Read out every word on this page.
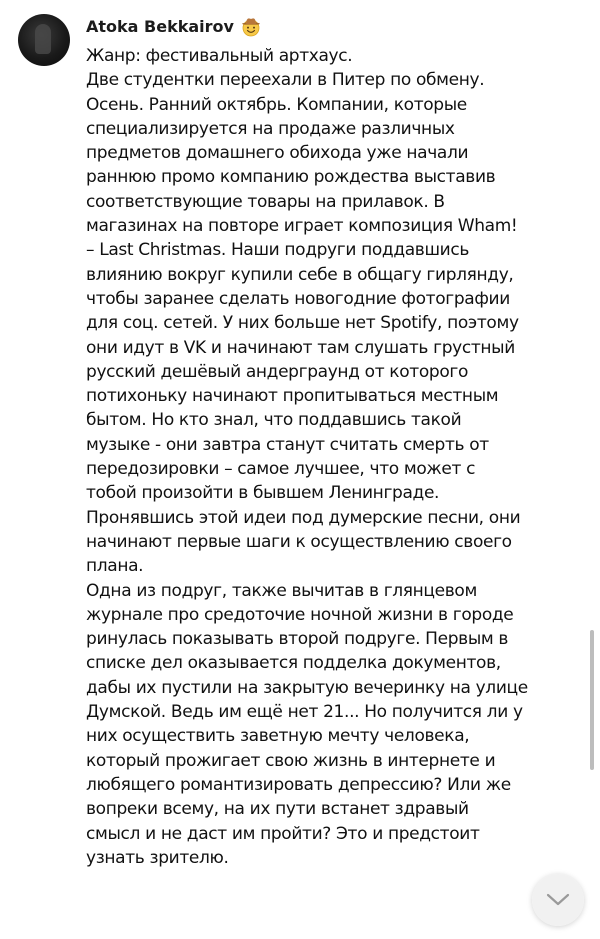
Atoka Bekkairov
Жанр: фестивальный артхаус.
Две студентки переехали в Питер по обмену.
Осень. Ранний октябрь. Компании, которые
специализируется на продаже различных
предметов домашнего обихода уже начали
раннюю промо компанию рождества выставив
соответствующие товары на прилавок. В
магазинах на повторе играет композиция Wham!
– Last Christmas. Наши подруги поддавшись
влиянию вокруг купили себе в общагу гирлянду,
чтобы заранее сделать новогодние фотографии
для соц. сетей. У них больше нет Spotify, поэтому
они идут в VK и начинают там слушать грустный
русский дешёвый андерграунд от которого
потихоньку начинают пропитываться местным
бытом. Но кто знал, что поддавшись такой
музыке - они завтра станут считать смерть от
передозировки – самое лучшее, что может с
тобой произойти в бывшем Ленинграде.
Пронявшись этой идеи под думерские песни, они
начинают первые шаги к осуществлению своего
плана.
Одна из подруг, также вычитав в глянцевом
журнале про средоточие ночной жизни в городе
ринулась показывать второй подруге. Первым в
списке дел оказывается подделка документов,
дабы их пустили на закрытую вечеринку на улице
Думской. Ведь им ещё нет 21... Но получится ли у
них осуществить заветную мечту человека,
который прожигает свою жизнь в интернете и
любящего романтизировать депрессию? Или же
вопреки всему, на их пути встанет здравый
смысл и не даст им пройти? Это и предстоит
узнать зрителю.
